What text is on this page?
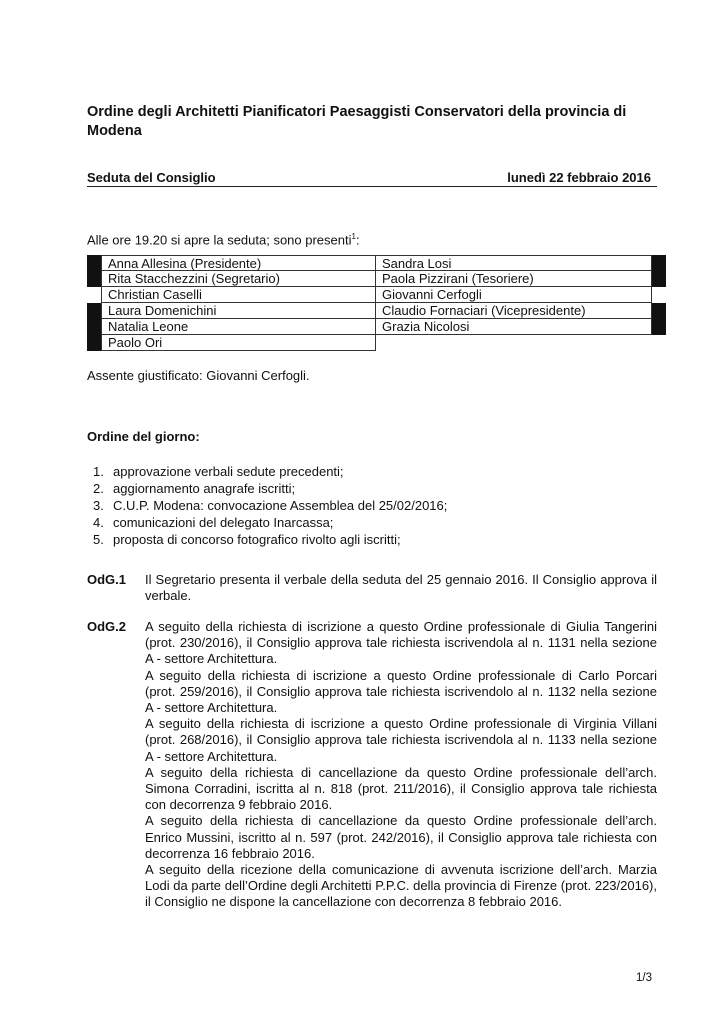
Ordine degli Architetti Pianificatori Paesaggisti Conservatori della provincia di Modena
Seduta del Consiglio	lunedì 22 febbraio 2016
Alle ore 19.20 si apre la seduta; sono presenti$^1$:
Anna Allesina (Presidente)	Sandra Losi
Rita Stacchezzini (Segretario)	Paola Pizzirani (Tesoriere)
Christian Caselli	Giovanni Cerfogli
Laura Domenichini	Claudio Fornaciari (Vicepresidente)
Natalia Leone	Grazia Nicolosi
Paolo Ori
Assente giustificato: Giovanni Cerfogli.
Ordine del giorno:
1. approvazione verbali sedute precedenti;
2. aggiornamento anagrafe iscritti;
3. C.U.P. Modena: convocazione Assemblea del 25/02/2016;
4. comunicazioni del delegato Inarcassa;
5. proposta di concorso fotografico rivolto agli iscritti;
OdG.1 Il Segretario presenta il verbale della seduta del 25 gennaio 2016. Il Consiglio approva il verbale.
OdG.2 A seguito della richiesta di iscrizione a questo Ordine professionale di Giulia Tangerini (prot. 230/2016), il Consiglio approva tale richiesta iscrivendola al n. 1131 nella sezione A - settore Architettura.

A seguito della richiesta di iscrizione a questo Ordine professionale di Carlo Porcari (prot. 259/2016), il Consiglio approva tale richiesta iscrivendolo al n. 1132 nella sezione A - settore Architettura.

A seguito della richiesta di iscrizione a questo Ordine professionale di Virginia Villani (prot. 268/2016), il Consiglio approva tale richiesta iscrivendola al n. 1133 nella sezione A - settore Architettura.

A seguito della richiesta di cancellazione da questo Ordine professionale dell’arch. Simona Corradini, iscritta al n. 818 (prot. 211/2016), il Consiglio approva tale richiesta con decorrenza 9 febbraio 2016.

A seguito della richiesta di cancellazione da questo Ordine professionale dell’arch. Enrico Mussini, iscritto al n. 597 (prot. 242/2016), il Consiglio approva tale richiesta con decorrenza 16 febbraio 2016.

A seguito della ricezione della comunicazione di avvenuta iscrizione dell’arch. Marzia Lodi da parte dell’Ordine degli Architetti P.P.C. della provincia di Firenze (prot. 223/2016), il Consiglio ne dispone la cancellazione con decorrenza 8 febbraio 2016.

1/3
